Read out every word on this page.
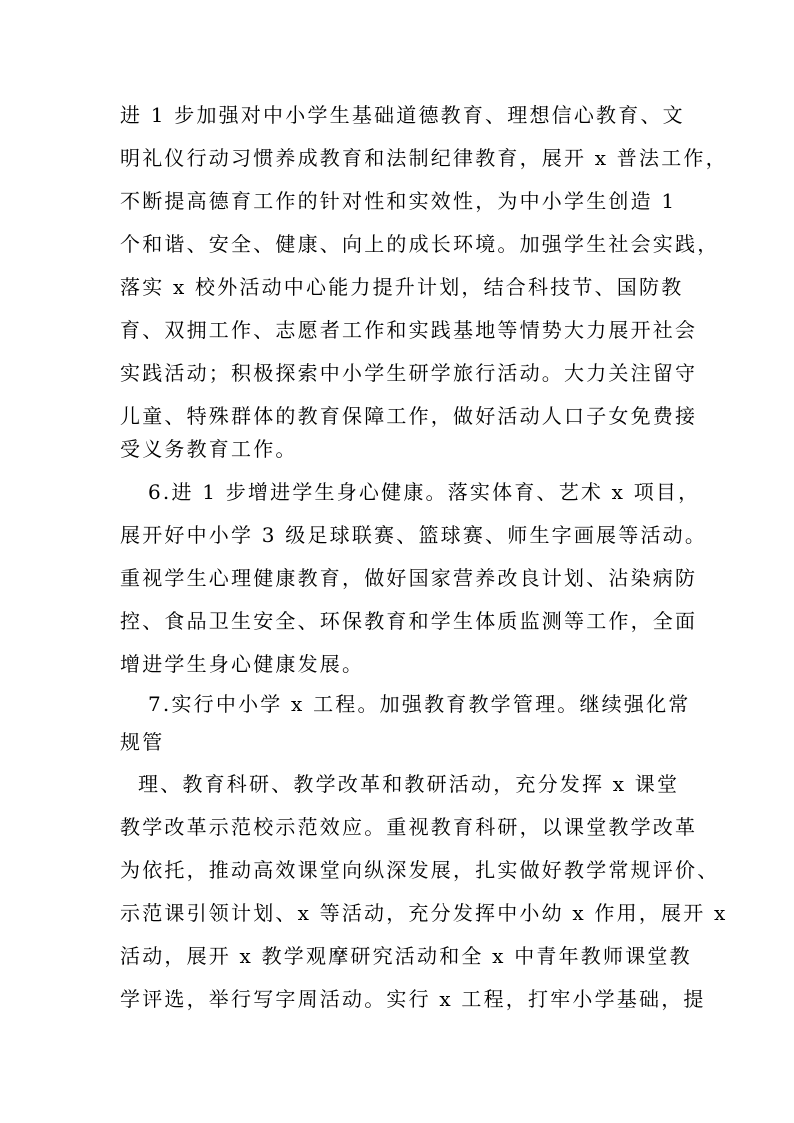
进 1 步加强对中小学生基础道德教育、理想信心教育、文
明礼仪行动习惯养成教育和法制纪律教育，展开 x 普法工作，
不断提高德育工作的针对性和实效性，为中小学生创造 1
个和谐、安全、健康、向上的成长环境。加强学生社会实践，
落实 x 校外活动中心能力提升计划，结合科技节、国防教
育、双拥工作、志愿者工作和实践基地等情势大力展开社会
实践活动；积极探索中小学生研学旅行活动。大力关注留守
儿童、特殊群体的教育保障工作，做好活动人口子女免费接
受义务教育工作。
6.进 1 步增进学生身心健康。落实体育、艺术 x 项目，
展开好中小学 3 级足球联赛、篮球赛、师生字画展等活动。
重视学生心理健康教育，做好国家营养改良计划、沾染病防
控、食品卫生安全、环保教育和学生体质监测等工作，全面
增进学生身心健康发展。
7.实行中小学 x 工程。加强教育教学管理。继续强化常
规管
理、教育科研、教学改革和教研活动，充分发挥 x 课堂
教学改革示范校示范效应。重视教育科研，以课堂教学改革
为依托，推动高效课堂向纵深发展，扎实做好教学常规评价、
示范课引领计划、x 等活动，充分发挥中小幼 x 作用，展开 x
活动，展开 x 教学观摩研究活动和全 x 中青年教师课堂教
学评选，举行写字周活动。实行 x 工程，打牢小学基础，提
